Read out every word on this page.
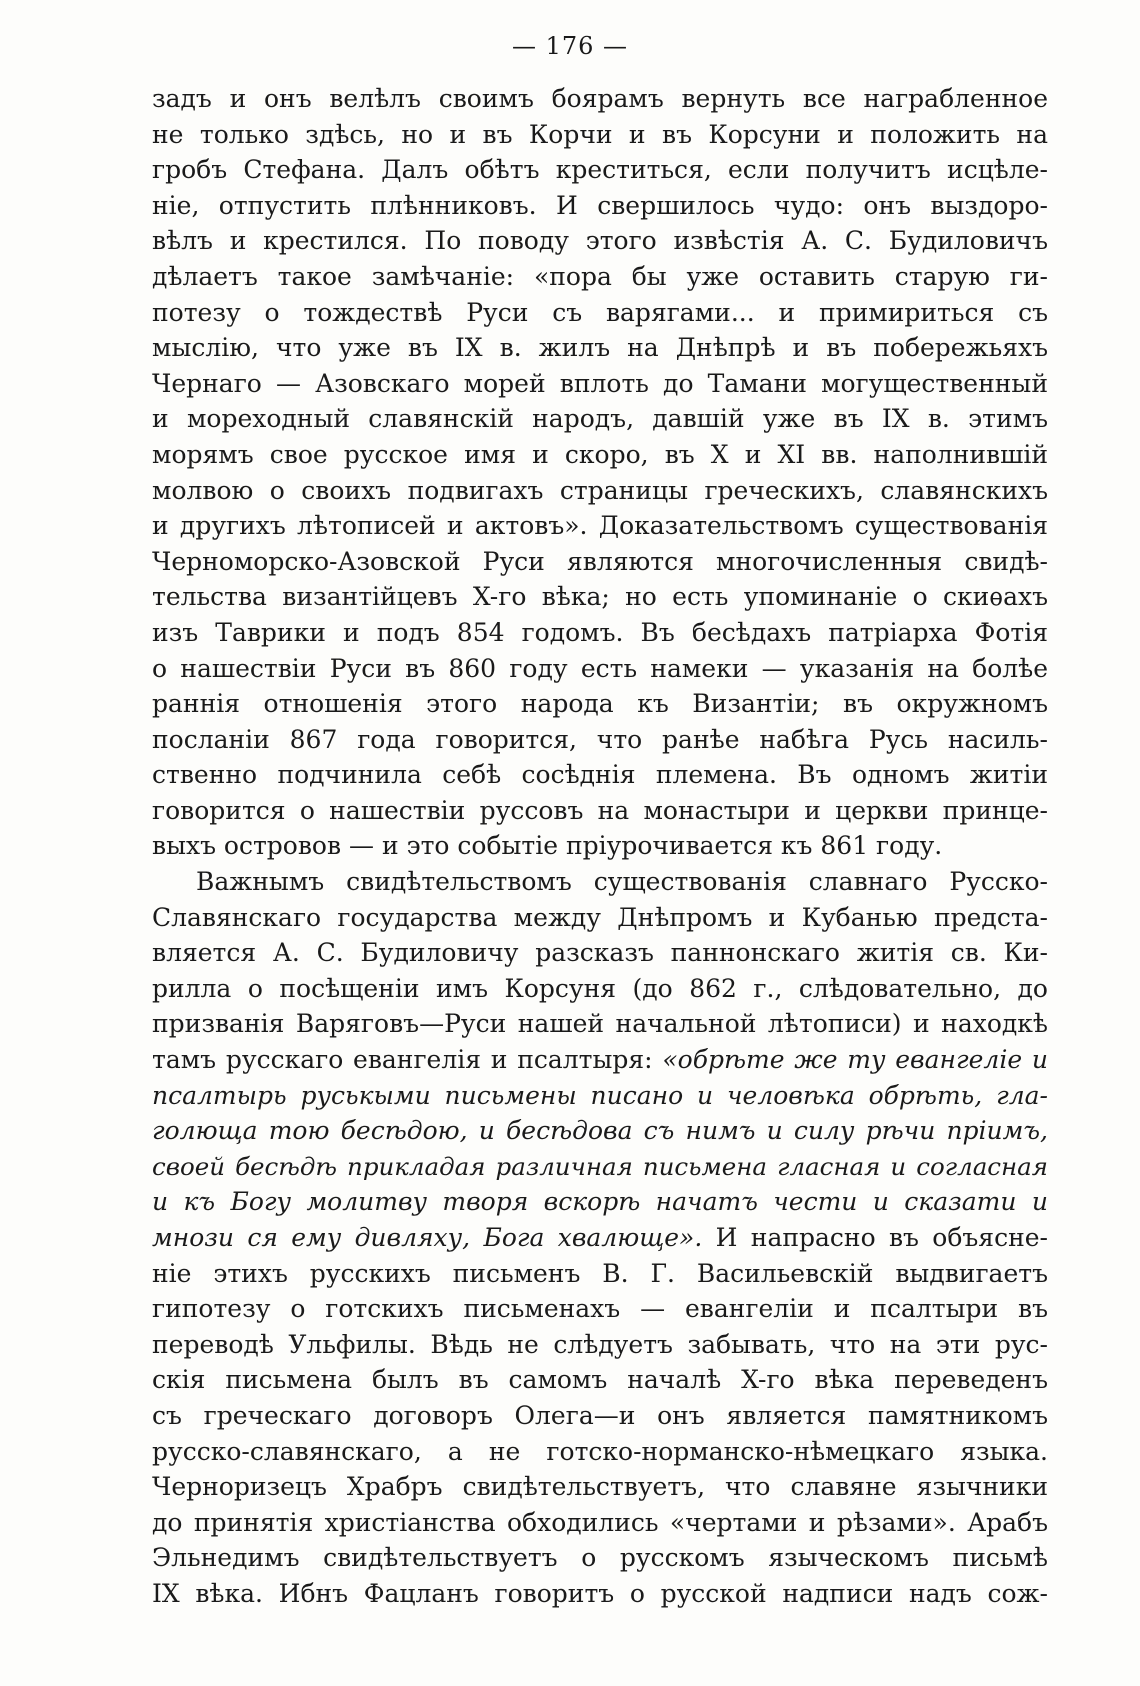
— 176 —
задъ и онъ велѣлъ своимъ боярамъ вернуть все награбленное
не только здѣсь, но и въ Корчи и въ Корсуни и положить на
гробъ Стефана. Далъ обѣтъ креститься, если получитъ исцѣле-
ніе, отпустить плѣнниковъ. И свершилось чудо: онъ выздоро-
вѣлъ и крестился. По поводу этого извѣстія А. С. Будиловичъ
дѣлаетъ такое замѣчаніе: «пора бы уже оставить старую ги-
потезу о тождествѣ Руси съ варягами... и примириться съ
мыслію, что уже въ IX в. жилъ на Днѣпрѣ и въ побережьяхъ
Чернаго — Азовскаго морей вплоть до Тамани могущественный
и мореходный славянскій народъ, давшій уже въ IX в. этимъ
морямъ свое русское имя и скоро, въ X и XI вв. наполнившій
молвою о своихъ подвигахъ страницы греческихъ, славянскихъ
и другихъ лѣтописей и актовъ». Доказательствомъ существованія
Черноморско-Азовской Руси являются многочисленныя свидѣ-
тельства византійцевъ X-го вѣка; но есть упоминаніе о скиѳахъ
изъ Таврики и подъ 854 годомъ. Въ бесѣдахъ патріарха Фотія
о нашествіи Руси въ 860 году есть намеки — указанія на болѣе
раннія отношенія этого народа къ Византіи; въ окружномъ
посланіи 867 года говорится, что ранѣе набѣга Русь насиль-
ственно подчинила себѣ сосѣднія племена. Въ одномъ житіи
говорится о нашествіи руссовъ на монастыри и церкви принце-
выхъ островов — и это событіе пріурочивается къ 861 году.
Важнымъ свидѣтельствомъ существованія славнаго Русско-
Славянскаго государства между Днѣпромъ и Кубанью предста-
вляется А. С. Будиловичу разсказъ паннонскаго житія св. Ки-
рилла о посѣщеніи имъ Корсуня (до 862 г., слѣдовательно, до
призванія Варяговъ—Руси нашей начальной лѣтописи) и находкѣ
тамъ русскаго евангелія и псалтыря: «обрѣте же ту евангеліе и
псалтырь руськыми письмены писано и человѣка обрѣть, гла-
голюща тою бесѣдою, и бесѣдова съ нимъ и силу рѣчи пріимъ,
своей бесѣдѣ прикладая различная письмена гласная и согласная
и къ Богу молитву творя вскорѣ начатъ чести и сказати и
мнози ся ему дивляху, Бога хвалюще». И напрасно въ объясне-
ніе этихъ русскихъ письменъ В. Г. Васильевскій выдвигаетъ
гипотезу о готскихъ письменахъ — евангеліи и псалтыри въ
переводѣ Ульфилы. Вѣдь не слѣдуетъ забывать, что на эти рус-
скія письмена былъ въ самомъ началѣ X-го вѣка переведенъ
съ греческаго договоръ Олега—и онъ является памятникомъ
русско-славянскаго, а не готско-норманско-нѣмецкаго языка.
Черноризецъ Храбръ свидѣтельствуетъ, что славяне язычники
до принятія христіанства обходились «чертами и рѣзами». Арабъ
Эльнедимъ свидѣтельствуетъ о русскомъ языческомъ письмѣ
IX вѣка. Ибнъ Фацланъ говоритъ о русской надписи надъ сож-
